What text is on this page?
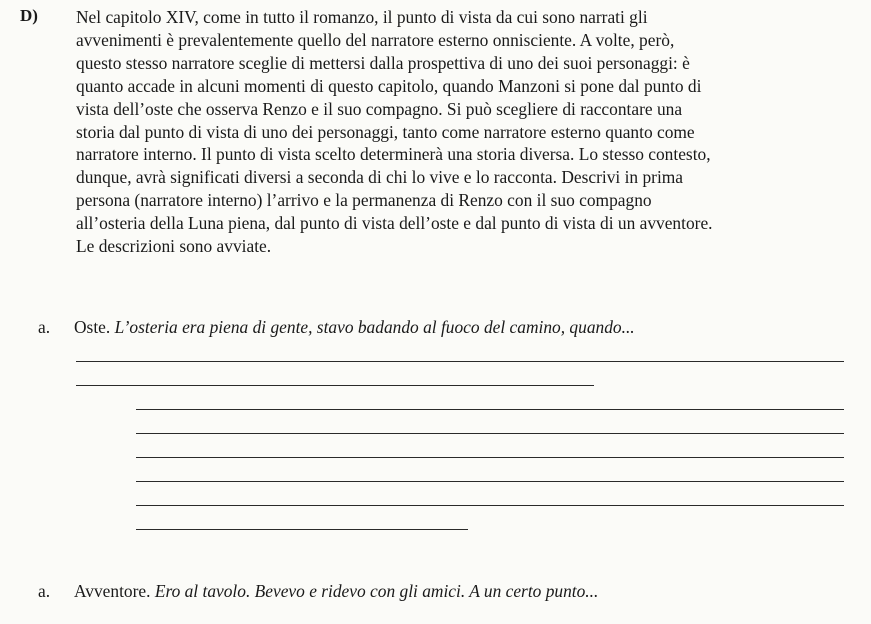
D) Nel capitolo XIV, come in tutto il romanzo, il punto di vista da cui sono narrati gli
avvenimenti è prevalentemente quello del narratore esterno onnisciente. A volte, però,
questo stesso narratore sceglie di mettersi dalla prospettiva di uno dei suoi personaggi: è
quanto accade in alcuni momenti di questo capitolo, quando Manzoni si pone dal punto di
vista dell’oste che osserva Renzo e il suo compagno. Si può scegliere di raccontare una
storia dal punto di vista di uno dei personaggi, tanto come narratore esterno quanto come
narratore interno. Il punto di vista scelto determinerà una storia diversa. Lo stesso contesto,
dunque, avrà significati diversi a seconda di chi lo vive e lo racconta. Descrivi in prima
persona (narratore interno) l’arrivo e la permanenza di Renzo con il suo compagno
all’osteria della Luna piena, dal punto di vista dell’oste e dal punto di vista di un avventore.
Le descrizioni sono avviate.
a. Oste. L’osteria era piena di gente, stavo badando al fuoco del camino, quando...
a. Avventore. Ero al tavolo. Bevevo e ridevo con gli amici. A un certo punto...
